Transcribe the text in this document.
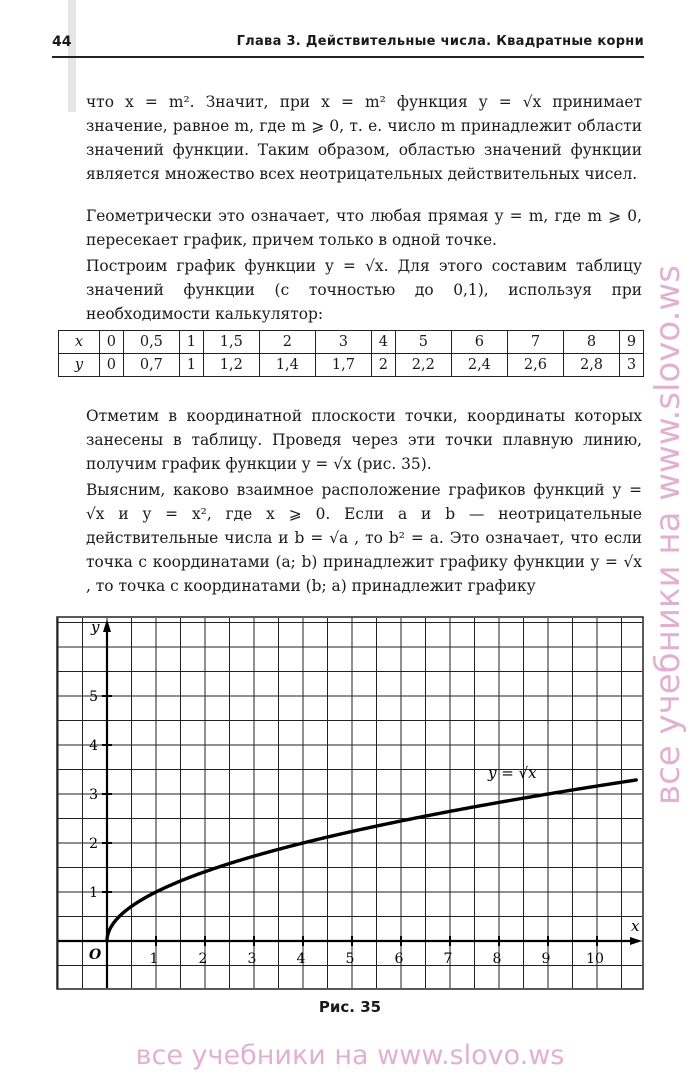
44	Глава 3. Действительные числа. Квадратные корни

что x = m². Значит, при x = m² функция y = √x принимает значение, равное m, где m ⩾ 0, т. е. число m принадлежит области значений функции. Таким образом, областью значений функции является множество всех неотрицательных действительных чисел.

Геометрически это означает, что любая прямая y = m, где m ⩾ 0, пересекает график, причем только в одной точке.

Построим график функции y = √x. Для этого составим таблицу значений функции (с точностью до 0,1), используя при необходимости калькулятор:

x	0	0,5	1	1,5	2	3	4	5	6	7	8	9
y	0	0,7	1	1,2	1,4	1,7	2	2,2	2,4	2,6	2,8	3

Отметим в координатной плоскости точки, координаты которых занесены в таблицу. Проведя через эти точки плавную линию, получим график функции y = √x (рис. 35).

Выясним, каково взаимное расположение графиков функций y = √x и y = x², где x ⩾ 0. Если a и b — неотрицательные действительные числа и b = √a , то b² = a. Это означает, что если точка с координатами (a; b) принадлежит графику функции y = √x , то точка с координатами (b; a) принадлежит графику

1	2	3	4	5	6	7	8	9	10
1
2
3
4
5
O
x
y
y = √x
Рис. 35
все учебники на www.slovo.ws
все учебники на www.slovo.ws
